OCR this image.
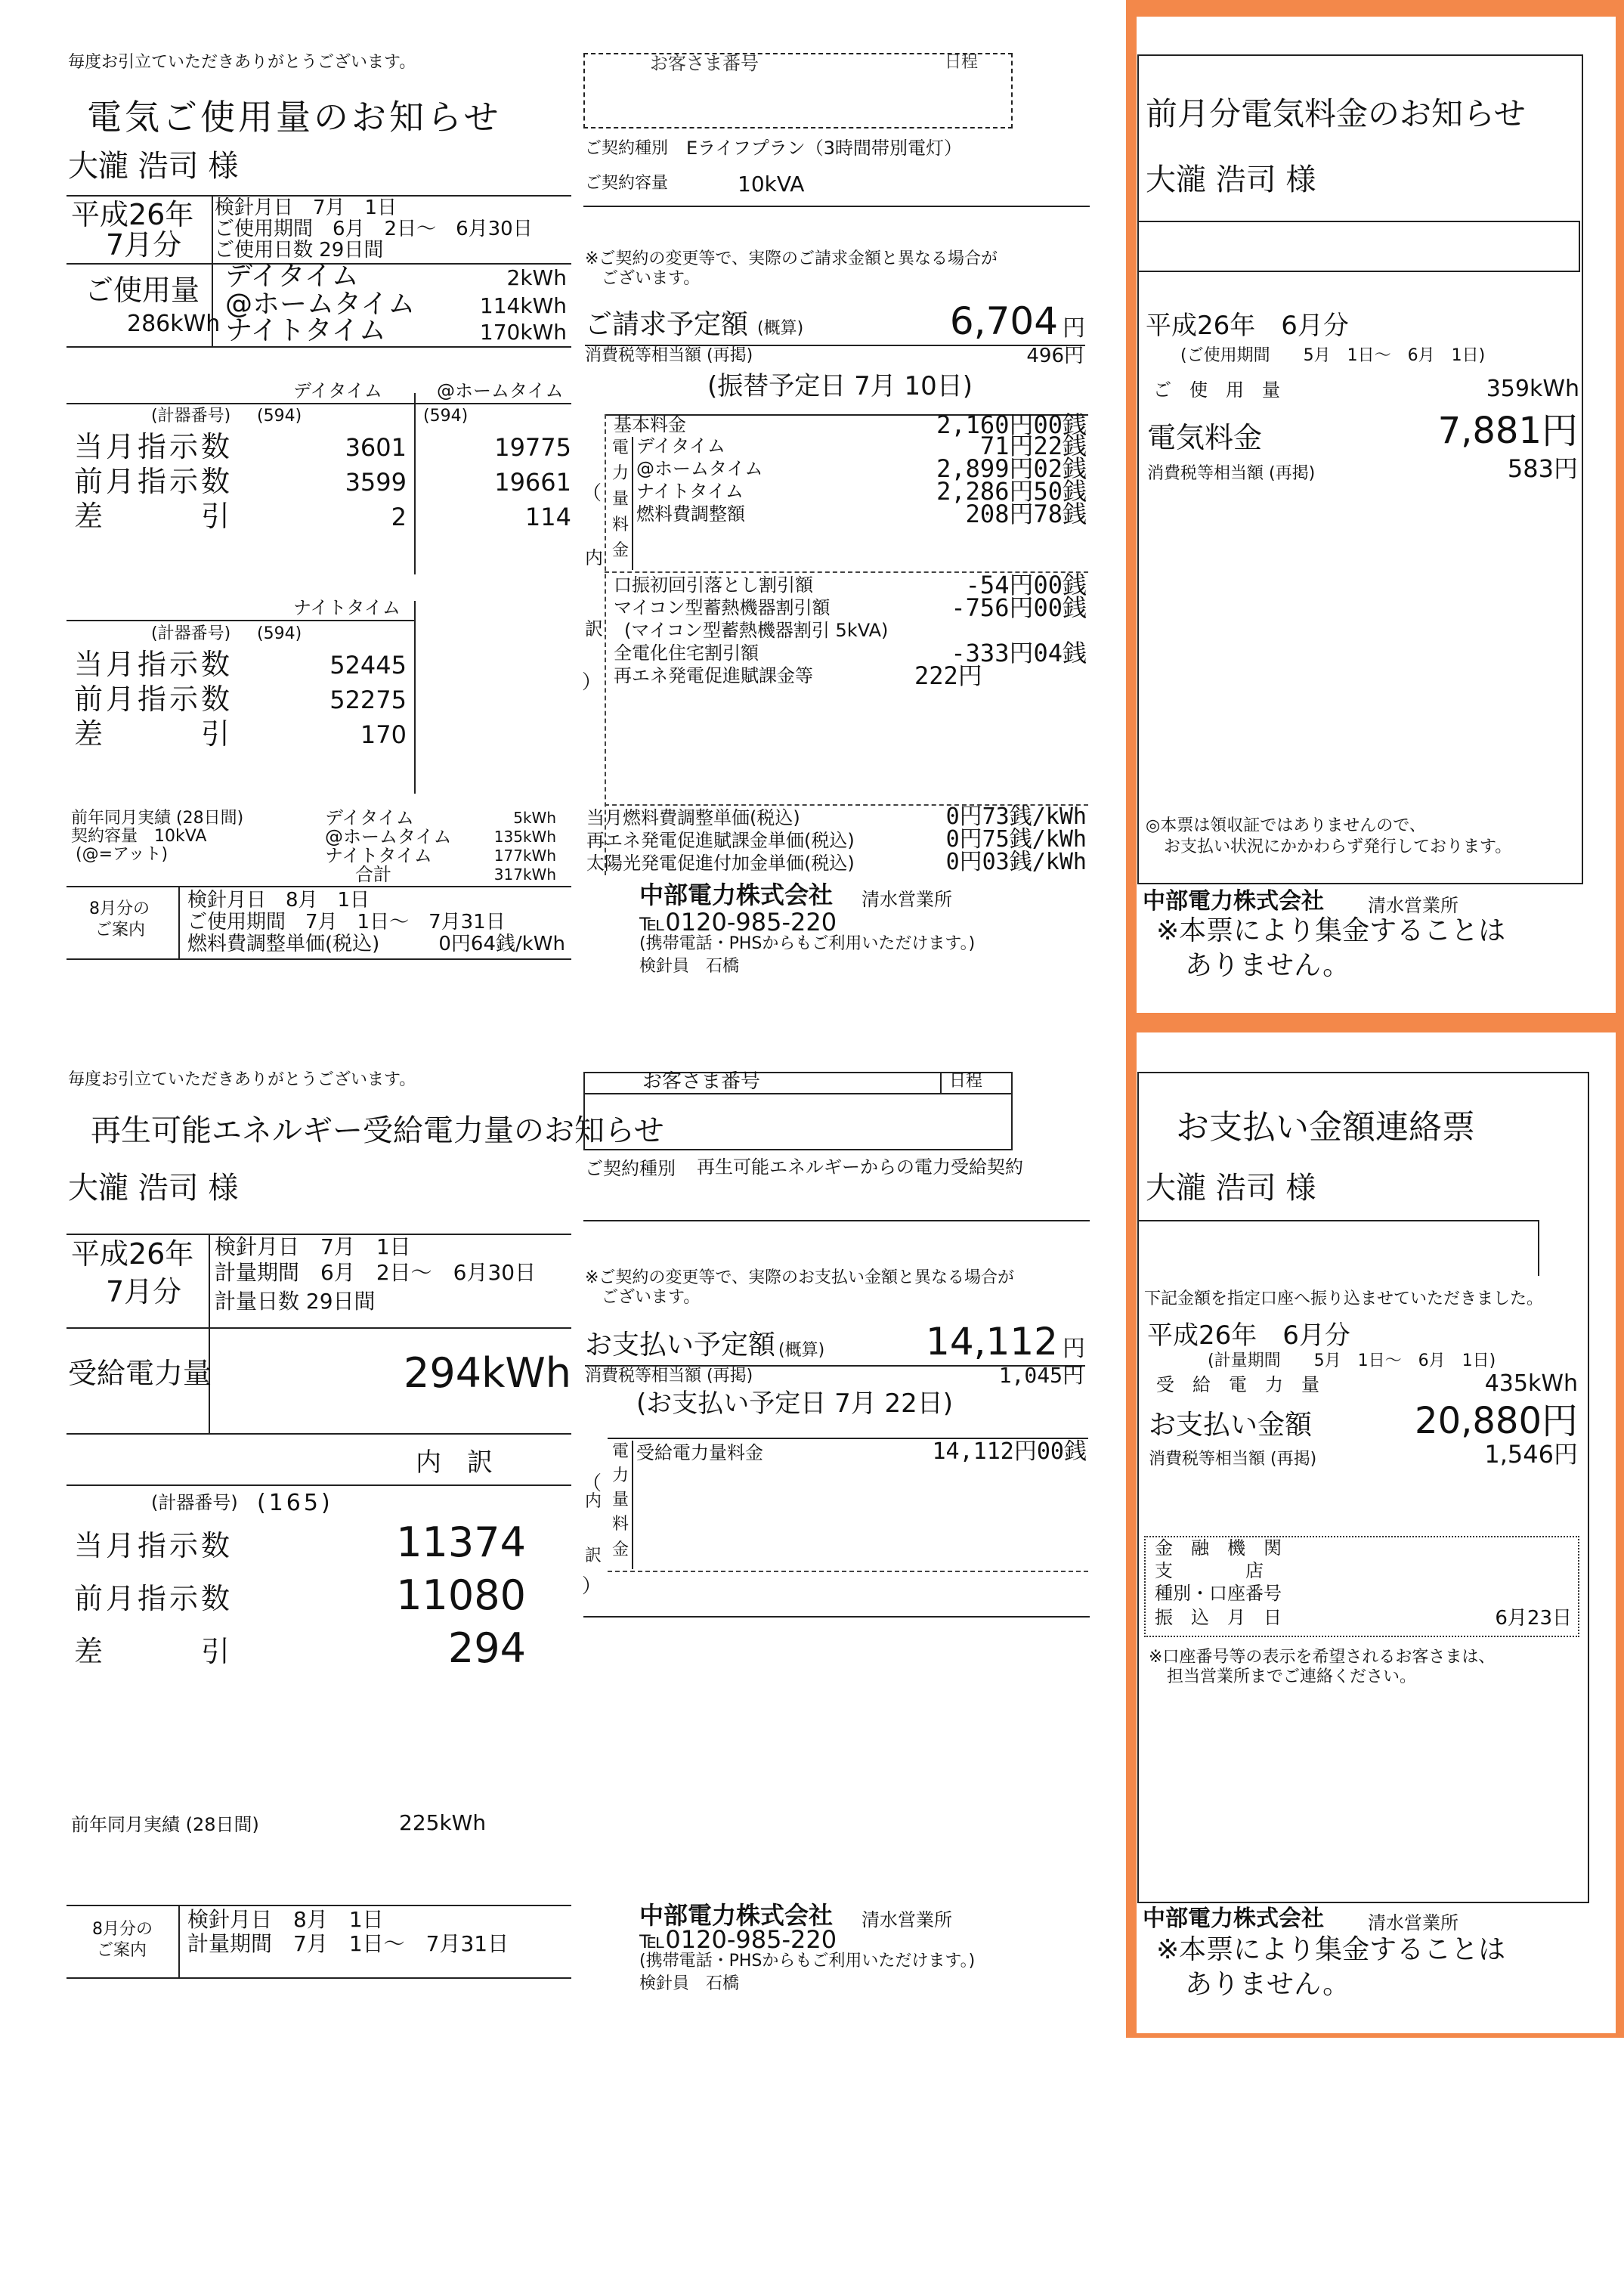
毎度お引立ていただきありがとうございます。
電気ご使用量のお知らせ
大瀧 浩司 様
平成26年
7月分
検針月日　7月　1日
ご使用期間　6月　2日～　6月30日
ご使用日数 29日間
ご使用量
286kWh
デイタイム	2kWh
@ホームタイム	114kWh
ナイトタイム	170kWh
デイタイム	@ホームタイム
(計器番号) (594)	(594)
当月指示数	3601	19775
前月指示数	3599	19661
差　　　引	2	114
ナイトタイム
(計器番号) (594)
当月指示数	52445
前月指示数	52275
差　　　引	170
前年同月実績 (28日間)
契約容量　10kVA
(@=アット)
デイタイム	5kWh
@ホームタイム	135kWh
ナイトタイム	177kWh
合計	317kWh
8月分の
ご案内
検針月日　8月　1日
ご使用期間　7月　1日～　7月31日
燃料費調整単価(税込)	0円64銭/kWh
お客さま番号	日程
ご契約種別 Eライフプラン（3時間帯別電灯）
ご契約容量	10kVA
※ご契約の変更等で、実際のご請求金額と異なる場合が
ございます。
ご請求予定額 (概算)	6,704 円
消費税等相当額 (再掲)	496円
(振替予定日 7月 10日)
（
内
訳
）
電
力
量
料
金
基本料金	2,160円00銭
デイタイム	71円22銭
@ホームタイム	2,899円02銭
ナイトタイム	2,286円50銭
燃料費調整額	208円78銭
口振初回引落とし割引額	-54円00銭
マイコン型蓄熱機器割引額	-756円00銭
(マイコン型蓄熱機器割引 5kVA)
全電化住宅割引額	-333円04銭
再エネ発電促進賦課金等	222円
当月燃料費調整単価(税込)	0円73銭/kWh
再エネ発電促進賦課金単価(税込)	0円75銭/kWh
太陽光発電促進付加金単価(税込)	0円03銭/kWh
中部電力株式会社 清水営業所
℡0120-985-220
(携帯電話・PHSからもご利用いただけます。)
検針員　石橋
前月分電気料金のお知らせ
大瀧 浩司 様
平成26年　6月分
(ご使用期間　　5月　1日～　6月　1日)
ご　使　用　量	359kWh
電気料金	7,881円
消費税等相当額 (再掲)	583円
◎本票は領収証ではありませんので、
お支払い状況にかかわらず発行しております。
中部電力株式会社 清水営業所
※本票により集金することは
ありません。
毎度お引立ていただきありがとうございます。
再生可能エネルギー受給電力量のお知らせ
大瀧 浩司 様
平成26年
7月分
検針月日　7月　1日
計量期間　6月　2日～　6月30日
計量日数 29日間
受給電力量	294kWh
内　訳
(計器番号) (165)
当月指示数	11374
前月指示数	11080
差　　　引	294
前年同月実績 (28日間)	225kWh
8月分の
ご案内
検針月日　8月　1日
計量期間　7月　1日～　7月31日
お客さま番号	日程
ご契約種別 再生可能エネルギーからの電力受給契約
※ご契約の変更等で、実際のお支払い金額と異なる場合が
ございます。
お支払い予定額 (概算)	14,112 円
消費税等相当額 (再掲)	1,045円
(お支払い予定日 7月 22日)
（
内
訳
）
電
力
量
料
金
受給電力量料金	14,112円00銭
中部電力株式会社 清水営業所
℡0120-985-220
(携帯電話・PHSからもご利用いただけます。)
検針員　石橋
お支払い金額連絡票
大瀧 浩司 様
下記金額を指定口座へ振り込ませていただきました。
平成26年　6月分
(計量期間　　5月　1日～　6月　1日)
受　給　電　力　量	435kWh
お支払い金額	20,880円
消費税等相当額 (再掲)	1,546円
金　融　機　関
支　　　　店
種別・口座番号
振　込　月　日	6月23日
※口座番号等の表示を希望されるお客さまは、
担当営業所までご連絡ください。
中部電力株式会社 清水営業所
※本票により集金することは
ありません。
